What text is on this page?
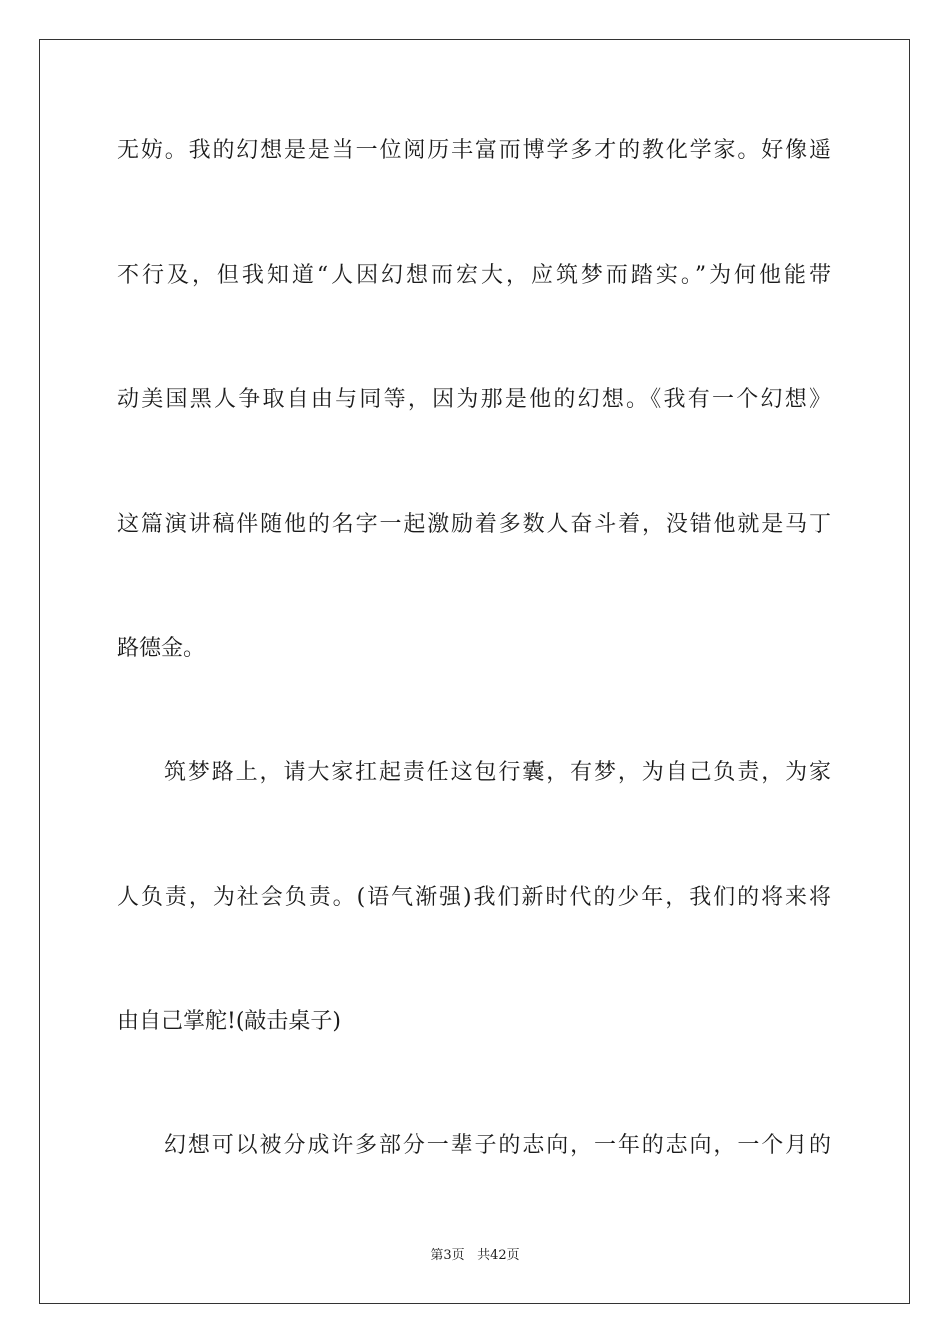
无妨。我的幻想是是当一位阅历丰富而博学多才的教化学家。好像遥
不行及，但我知道“人因幻想而宏大，应筑梦而踏实。”为何他能带
动美国黑人争取自由与同等，因为那是他的幻想。《我有一个幻想》
这篇演讲稿伴随他的名字一起激励着多数人奋斗着，没错他就是马丁
路德金。
筑梦路上，请大家扛起责任这包行囊，有梦，为自己负责，为家
人负责，为社会负责。(语气渐强)我们新时代的少年，我们的将来将
由自己掌舵!(敲击桌子)
幻想可以被分成许多部分一辈子的志向，一年的志向，一个月的
第3页 共42页
